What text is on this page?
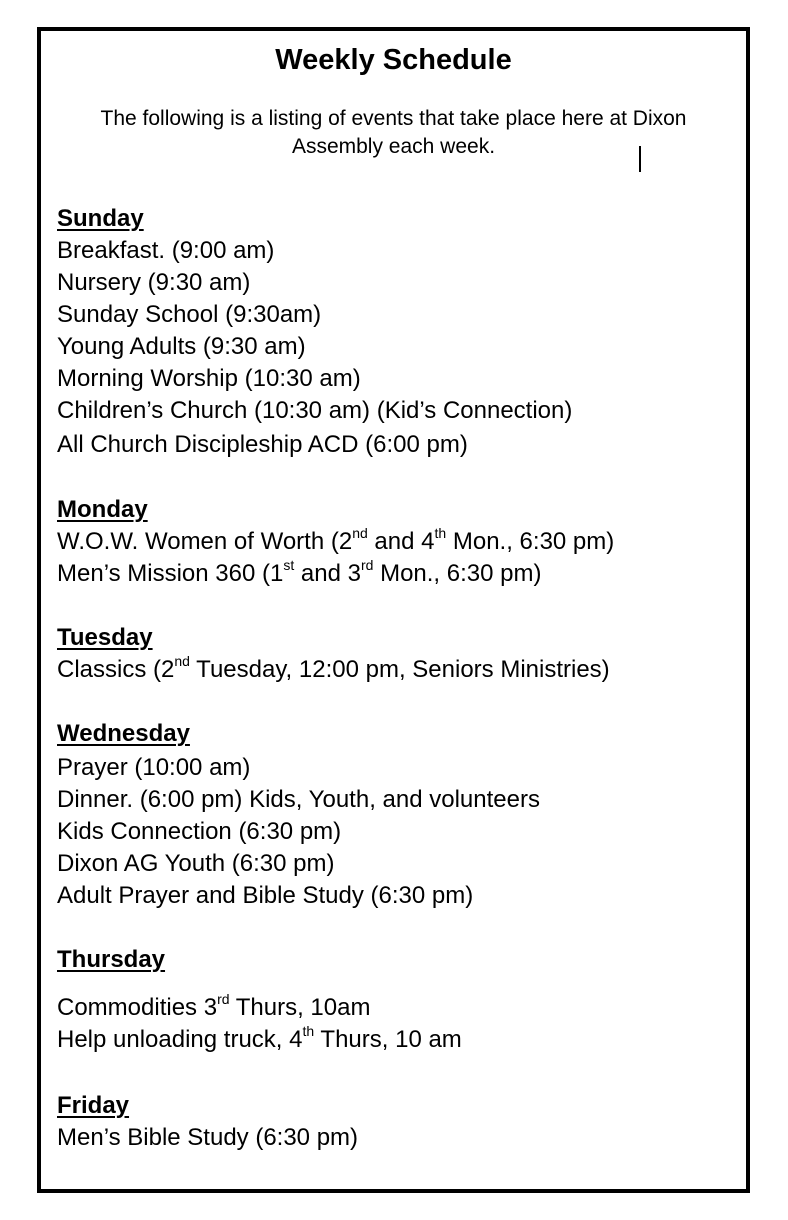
Weekly Schedule
The following is a listing of events that take place here at Dixon Assembly each week.
Sunday
Breakfast. (9:00 am)
Nursery (9:30 am)
Sunday School (9:30am)
Young Adults (9:30 am)
Morning Worship (10:30 am)
Children’s Church (10:30 am) (Kid’s Connection)
All Church Discipleship ACD (6:00 pm)
Monday
W.O.W. Women of Worth (2nd and 4th Mon., 6:30 pm)
Men’s Mission 360 (1st and 3rd Mon., 6:30 pm)
Tuesday
Classics (2nd Tuesday, 12:00 pm, Seniors Ministries)
Wednesday
Prayer (10:00 am)
Dinner. (6:00 pm) Kids, Youth, and volunteers
Kids Connection (6:30 pm)
Dixon AG Youth (6:30 pm)
Adult Prayer and Bible Study (6:30 pm)
Thursday
Commodities 3rd Thurs, 10am
Help unloading truck, 4th Thurs, 10 am
Friday
Men’s Bible Study (6:30 pm)
